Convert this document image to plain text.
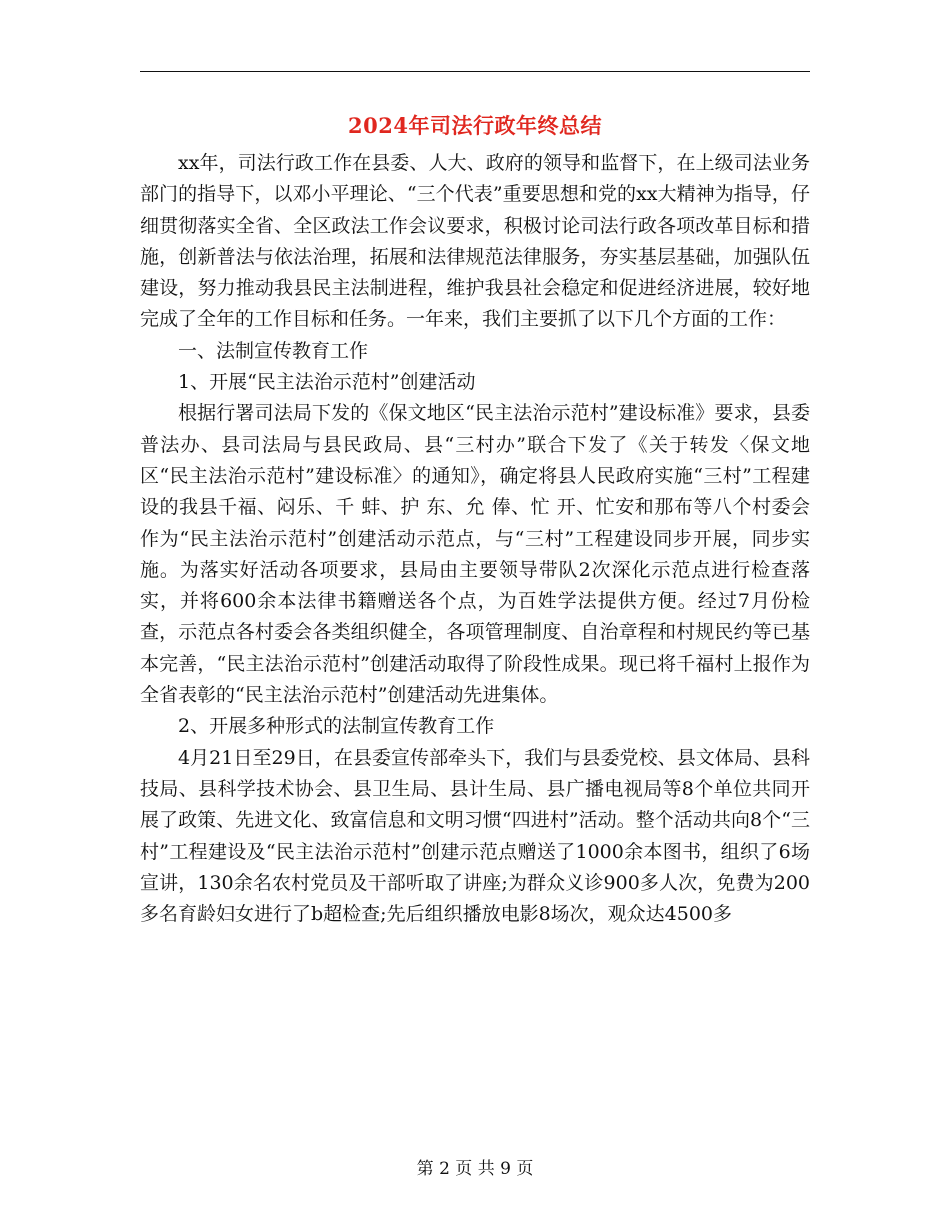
2024年司法行政年终总结

xx年，司法行政工作在县委、人大、政府的领导和监督下，在上级司法业务部门的指导下，以邓小平理论、“三个代表”重要思想和党的xx大精神为指导，仔细贯彻落实全省、全区政法工作会议要求，积极讨论司法行政各项改革目标和措施，创新普法与依法治理，拓展和法律规范法律服务，夯实基层基础，加强队伍建设，努力推动我县民主法制进程，维护我县社会稳定和促进经济进展，较好地完成了全年的工作目标和任务。一年来，我们主要抓了以下几个方面的工作：

一、法制宣传教育工作

1、开展“民主法治示范村”创建活动

根据行署司法局下发的《保文地区“民主法治示范村”建设标准》要求，县委普法办、县司法局与县民政局、县“三村办”联合下发了《关于转发〈保文地区“民主法治示范村”建设标准〉的通知》，确定将县人民政府实施“三村”工程建设的我县千福、闷乐、千 蚌、护 东、允 俸、忙 开、忙安和那布等八个村委会作为“民主法治示范村”创建活动示范点，与“三村”工程建设同步开展，同步实施。为落实好活动各项要求，县局由主要领导带队2次深化示范点进行检查落实，并将600余本法律书籍赠送各个点，为百姓学法提供方便。经过7月份检查，示范点各村委会各类组织健全，各项管理制度、自治章程和村规民约等已基本完善，“民主法治示范村”创建活动取得了阶段性成果。现已将千福村上报作为全省表彰的“民主法治示范村”创建活动先进集体。

2、开展多种形式的法制宣传教育工作

4月21日至29日，在县委宣传部牵头下，我们与县委党校、县文体局、县科技局、县科学技术协会、县卫生局、县计生局、县广播电视局等8个单位共同开展了政策、先进文化、致富信息和文明习惯“四进村”活动。整个活动共向8个“三村”工程建设及“民主法治示范村”创建示范点赠送了1000余本图书，组织了6场宣讲，130余名农村党员及干部听取了讲座;为群众义诊900多人次，免费为200多名育龄妇女进行了b超检查;先后组织播放电影8场次，观众达4500多

第 2 页 共 9 页
